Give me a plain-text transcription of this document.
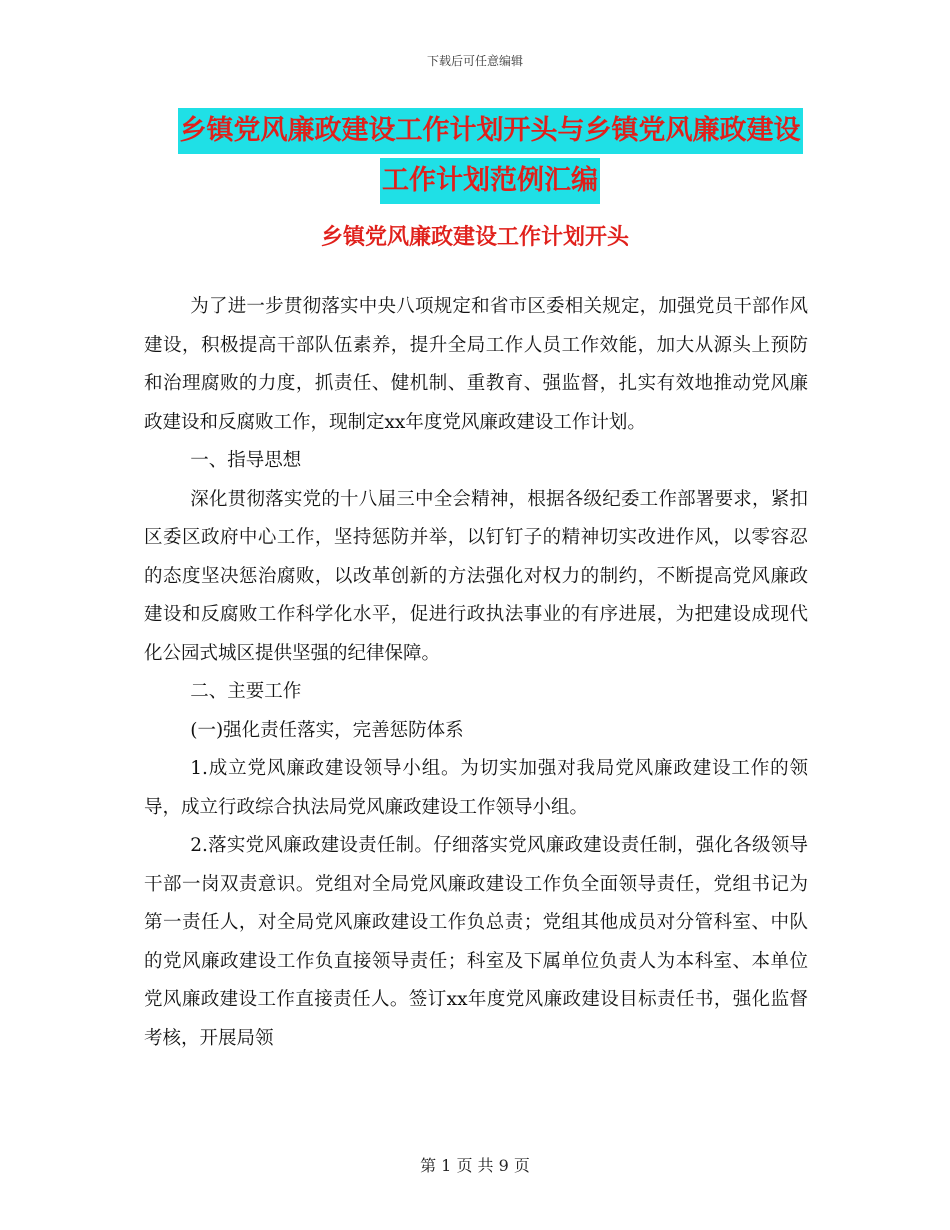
下载后可任意编辑
乡镇党风廉政建设工作计划开头与乡镇党风廉政建设
工作计划范例汇编
乡镇党风廉政建设工作计划开头

为了进一步贯彻落实中央八项规定和省市区委相关规定，加强党员干部作风建设，积极提高干部队伍素养，提升全局工作人员工作效能，加大从源头上预防和治理腐败的力度，抓责任、健机制、重教育、强监督，扎实有效地推动党风廉政建设和反腐败工作，现制定xx年度党风廉政建设工作计划。

一、指导思想

深化贯彻落实党的十八届三中全会精神，根据各级纪委工作部署要求，紧扣区委区政府中心工作，坚持惩防并举，以钉钉子的精神切实改进作风，以零容忍的态度坚决惩治腐败，以改革创新的方法强化对权力的制约，不断提高党风廉政建设和反腐败工作科学化水平，促进行政执法事业的有序进展，为把建设成现代化公园式城区提供坚强的纪律保障。

二、主要工作

(一)强化责任落实，完善惩防体系

1.成立党风廉政建设领导小组。为切实加强对我局党风廉政建设工作的领导，成立行政综合执法局党风廉政建设工作领导小组。

2.落实党风廉政建设责任制。仔细落实党风廉政建设责任制，强化各级领导干部一岗双责意识。党组对全局党风廉政建设工作负全面领导责任，党组书记为第一责任人，对全局党风廉政建设工作负总责；党组其他成员对分管科室、中队的党风廉政建设工作负直接领导责任；科室及下属单位负责人为本科室、本单位党风廉政建设工作直接责任人。签订xx年度党风廉政建设目标责任书，强化监督考核，开展局领

第 1 页 共 9 页
